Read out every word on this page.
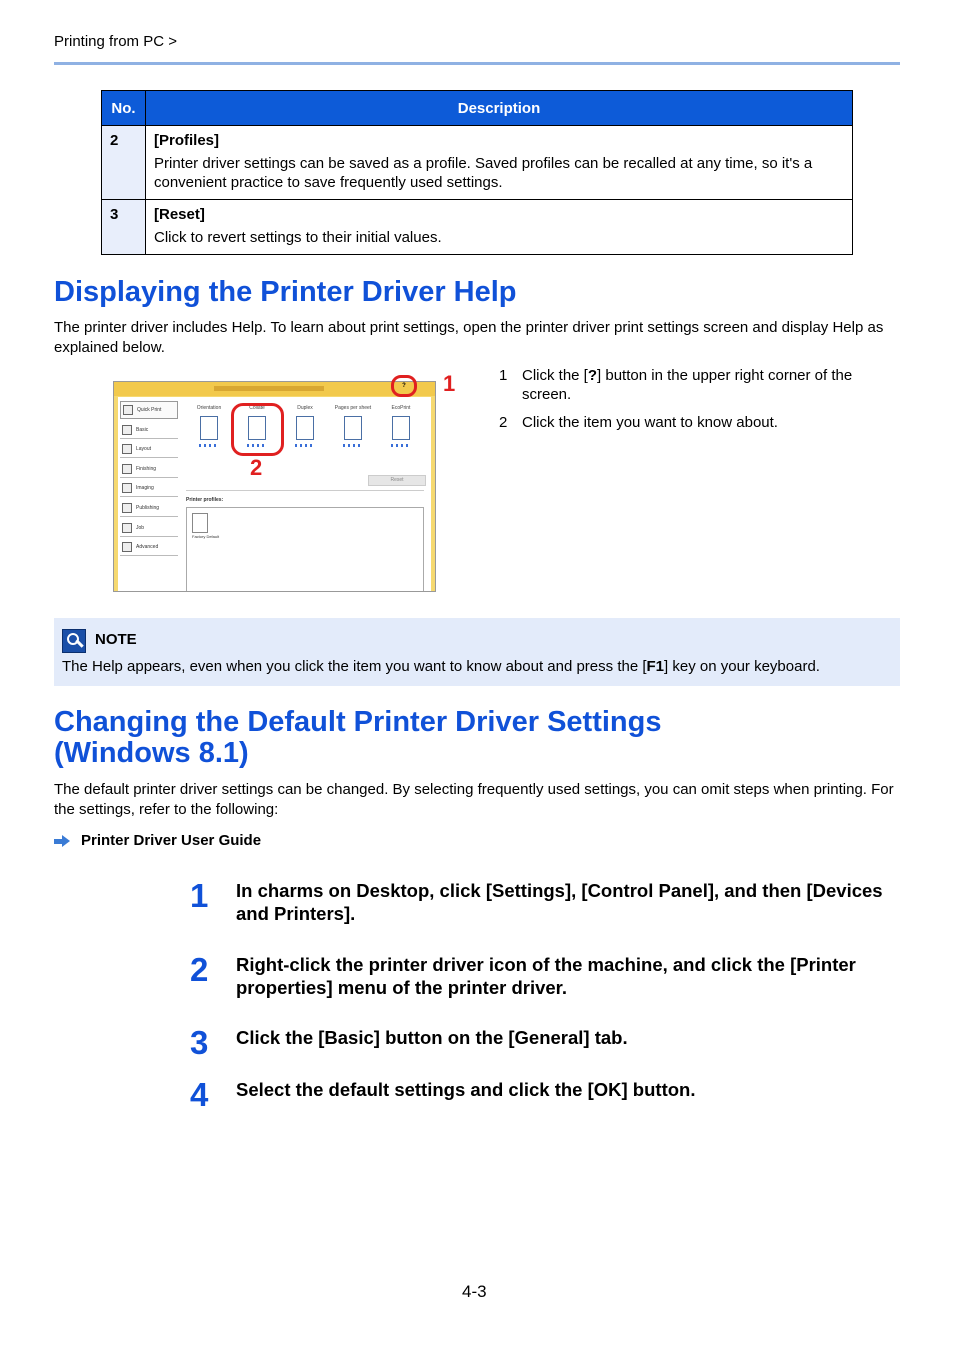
Printing from PC >
No.	Description
2	[Profiles]
Printer driver settings can be saved as a profile. Saved profiles can be recalled at any time, so it's a convenient practice to save frequently used settings.
3	[Reset]
Click to revert settings to their initial values.
Displaying the Printer Driver Help

The printer driver includes Help. To learn about print settings, open the printer driver print settings screen and display Help as explained below.

Quick Print
Basic
Layout
Finishing
Imaging
Publishing
Job
Advanced
Orientation	Collate	Duplex	Pages per sheet	EcoPrint
Reset
Printer profiles:
Factory Default
? 1
2
1 Click the [?] button in the upper right corner of the screen.
2 Click the item you want to know about.
NOTE
The Help appears, even when you click the item you want to know about and press the [F1] key on your keyboard.
Changing the Default Printer Driver Settings
(Windows 8.1)

The default printer driver settings can be changed. By selecting frequently used settings, you can omit steps when printing. For the settings, refer to the following:

Printer Driver User Guide
1 In charms on Desktop, click [Settings], [Control Panel], and then [Devices and Printers].
2 Right-click the printer driver icon of the machine, and click the [Printer properties] menu of the printer driver.
3 Click the [Basic] button on the [General] tab.
4 Select the default settings and click the [OK] button.
4-3
